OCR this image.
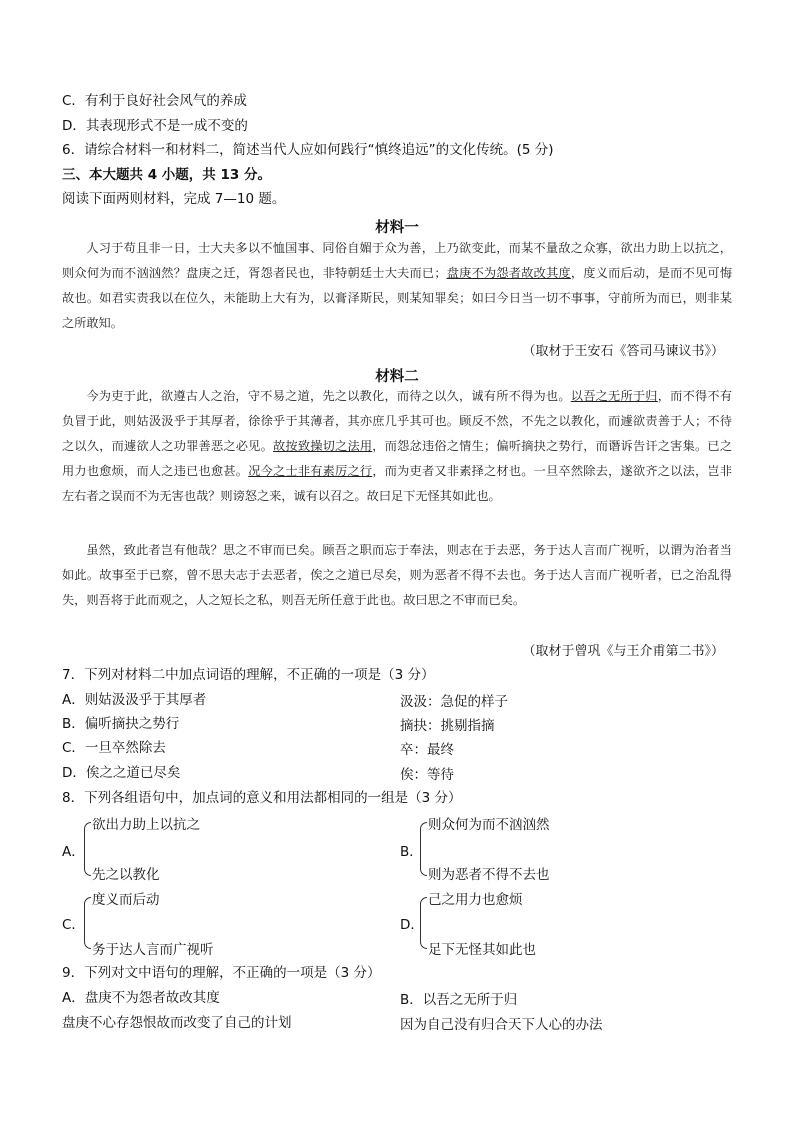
C．有利于良好社会风气的养成
D．其表现形式不是一成不变的
6．请综合材料一和材料二，简述当代人应如何践行“慎终追远”的文化传统。(5 分)
三、本大题共 4 小题，共 13 分。
阅读下面两则材料，完成 7—10 题。
材料一
人习于苟且非一日，士大夫多以不恤国事、同俗自媚于众为善，上乃欲变此，而某不量敌之众寡，欲出力助上以抗之，则众何为而不汹汹然？盘庚之迁，胥怨者民也，非特朝廷士大夫而已；盘庚不为怨者故改其度，度义而后动，是而不见可悔故也。如君实责我以在位久，未能助上大有为，以膏泽斯民，则某知罪矣；如曰今日当一切不事事，守前所为而已，则非某之所敢知。
（取材于王安石《答司马谏议书》）
材料二
今为吏于此，欲遵古人之治，守不易之道，先之以教化，而待之以久，诚有所不得为也。以吾之无所于归，而不得不有负冒于此，则姑汲汲乎于其厚者，徐徐乎于其薄者，其亦庶几乎其可也。顾反不然，不先之以教化，而遽欲责善于人；不待之以久，而遽欲人之功罪善恶之必见。故按致操切之法用，而怨忿违俗之情生；偏听摘抉之势行，而谮诉告讦之害集。已之用力也愈烦，而人之违已也愈甚。况今之士非有素厉之行，而为吏者又非素择之材也。一旦卒然除去，遂欲齐之以法，岂非左右者之误而不为无害也哉？则谤怒之来，诚有以召之。故曰足下无怪其如此也。
虽然，致此者岂有他哉？思之不审而已矣。顾吾之职而忘于奉法，则志在于去恶，务于达人言而广视听，以谓为治者当如此。故事至于已察，曾不思夫志于去恶者，俟之之道已尽矣，则为恶者不得不去也。务于达人言而广视听者，已之治乱得失，则吾将于此而观之，人之短长之私，则吾无所任意于此也。故曰思之不审而已矣。
（取材于曾巩《与王介甫第二书》）
7．下列对材料二中加点词语的理解，不正确的一项是（3 分）
A．则姑汲汲乎于其厚者	汲汲：急促的样子
B．偏听摘抉之势行	摘抉：挑剔指摘
C．一旦卒然除去	卒：最终
D．俟之之道已尽矣	俟：等待
8．下列各组语句中，加点词的意义和用法都相同的一组是（3 分）
A．
欲出力助上以抗之
先之以教化
B．
则众何为而不汹汹然
则为恶者不得不去也
C．
度义而后动
务于达人言而广视听
D．
己之用力也愈烦
足下无怪其如此也
9．下列对文中语句的理解，不正确的一项是（3 分）
A．盘庚不为怨者故改其度	B．以吾之无所于归
盘庚不心存怨恨故而改变了自己的计划	因为自己没有归合天下人心的办法
